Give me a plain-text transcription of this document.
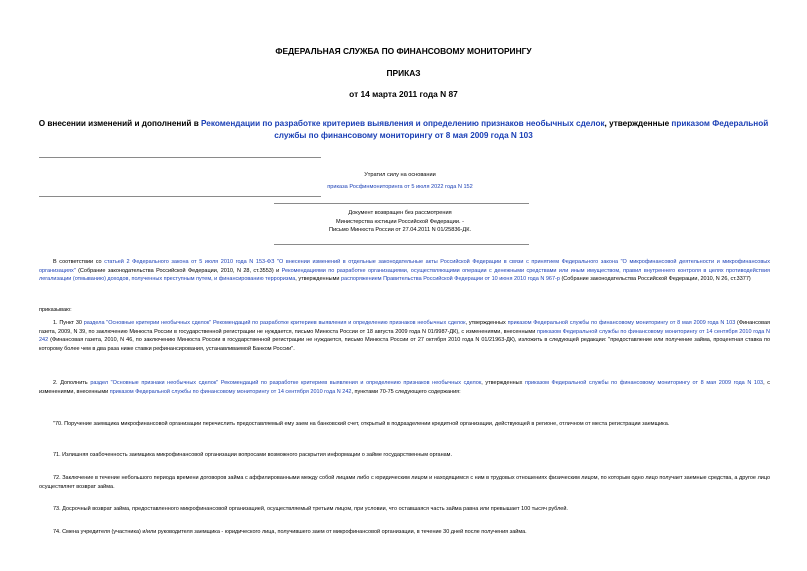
ФЕДЕРАЛЬНАЯ СЛУЖБА ПО ФИНАНСОВОМУ МОНИТОРИНГУ
ПРИКАЗ
от 14 марта 2011 года N 87
О внесении изменений и дополнений в Рекомендации по разработке критериев выявления и определению признаков необычных сделок, утвержденные приказом Федеральной службы по финансовому мониторингу от 8 мая 2009 года N 103
Утратил силу на основании
приказа Росфинмониторинга от 5 июля 2022 года N 152
Документ возвращен без рассмотрения
Министерства юстиции Российской Федерации. -
Письмо Минюста России от 27.04.2011 N 01/25836-ДК.
В соответствии со статьей 2 Федерального закона от 5 июля 2010 года N 153-ФЗ "О внесении изменений в отдельные законодательные акты Российской Федерации в связи с принятием Федерального закона "О микрофинансовой деятельности и микрофинансовых организациях" (Собрание законодательства Российской Федерации, 2010, N 28, ст.3553) и Рекомендациями по разработке организациями, осуществляющими операции с денежными средствами или иным имуществом, правил внутреннего контроля в целях противодействия легализации (отмыванию) доходов, полученных преступным путем, и финансированию терроризма, утвержденными распоряжением Правительства Российской Федерации от 10 июня 2010 года N 967-р (Собрание законодательства Российской Федерации, 2010, N 26, ст.3377)
приказываю:
1. Пункт 30 раздела "Основные критерии необычных сделок" Рекомендаций по разработке критериев выявления и определению признаков необычных сделок, утвержденных приказом Федеральной службы по финансовому мониторингу от 8 мая 2009 года N 103 (Финансовая газета, 2009, N 39, по заключению Минюста России в государственной регистрации не нуждается, письмо Минюста России от 18 августа 2009 года N 01/9987-ДК), с изменениями, внесенными приказом Федеральной службы по финансовому мониторингу от 14 сентября 2010 года N 242 (Финансовая газета, 2010, N 46, по заключению Минюста России в государственной регистрации не нуждается, письмо Минюста России от 27 октября 2010 года N 01/21963-ДК), изложить в следующей редакции: "предоставление или получение займа, процентная ставка по которому более чем в два раза ниже ставки рефинансирования, устанавливаемой Банком России".
2. Дополнить раздел "Основные признаки необычных сделок" Рекомендаций по разработке критериев выявления и определению признаков необычных сделок, утвержденных приказом Федеральной службы по финансовому мониторингу от 8 мая 2009 года N 103, с изменениями, внесенными приказом Федеральной службы по финансовому мониторингу от 14 сентября 2010 года N 242, пунктами 70-75 следующего содержания:
"70. Поручение заемщика микрофинансовой организации перечислить предоставляемый ему заем на банковский счет, открытый в подразделении кредитной организации, действующей в регионе, отличном от места регистрации заемщика.
71. Излишняя озабоченность заемщика микрофинансовой организации вопросами возможного раскрытия информации о займе государственным органам.
72. Заключение в течение небольшого периода времени договоров займа с аффилированными между собой лицами либо с юридическим лицом и находящимся с ним в трудовых отношениях физическим лицом, по которым одно лицо получает заемные средства, а другое лицо осуществляет возврат займа.
73. Досрочный возврат займа, предоставленного микрофинансовой организацией, осуществляемый третьим лицом, при условии, что оставшаяся часть займа равна или превышает 100 тысяч рублей.
74. Смена учредителя (участника) и/или руководителя заемщика - юридического лица, получившего заем от микрофинансовой организации, в течение 30 дней после получения займа.
